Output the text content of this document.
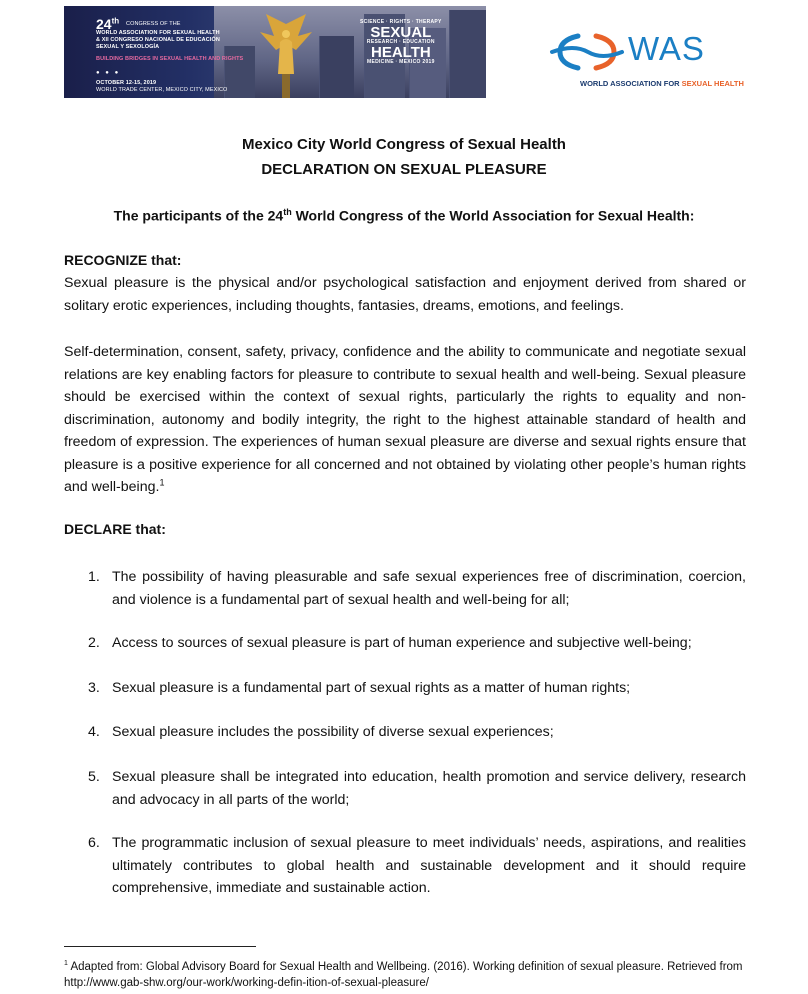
24th CONGRESS OF THE
WORLD ASSOCIATION FOR SEXUAL HEALTH
& XII CONGRESO NACIONAL DE EDUCACIÓN
SEXUAL Y SEXOLOGÍA
BUILDING BRIDGES IN SEXUAL HEALTH AND RIGHTS
● ● ●
OCTOBER 12-15, 2019
WORLD TRADE CENTER, MEXICO CITY, MEXICO
SCIENCE · RIGHTS · THERAPY
SEXUAL
RESEARCH · EDUCATION
HEALTH
MEDICINE · MEXICO 2019	WAS
WORLD ASSOCIATION FOR SEXUAL HEALTH
Mexico City World Congress of Sexual Health
DECLARATION ON SEXUAL PLEASURE
The participants of the 24th World Congress of the World Association for Sexual Health:
RECOGNIZE that:
Sexual pleasure is the physical and/or psychological satisfaction and enjoyment derived from shared or solitary erotic experiences, including thoughts, fantasies, dreams, emotions, and feelings.
Self-determination, consent, safety, privacy, confidence and the ability to communicate and negotiate sexual relations are key enabling factors for pleasure to contribute to sexual health and well-being. Sexual pleasure should be exercised within the context of sexual rights, particularly the rights to equality and non-discrimination, autonomy and bodily integrity, the right to the highest attainable standard of health and freedom of expression. The experiences of human sexual pleasure are diverse and sexual rights ensure that pleasure is a positive experience for all concerned and not obtained by violating other people’s human rights and well-being.$^1$
DECLARE that:
1. The possibility of having pleasurable and safe sexual experiences free of discrimination, coercion, and violence is a fundamental part of sexual health and well-being for all;
2. Access to sources of sexual pleasure is part of human experience and subjective well-being;
3. Sexual pleasure is a fundamental part of sexual rights as a matter of human rights;
4. Sexual pleasure includes the possibility of diverse sexual experiences;
5. Sexual pleasure shall be integrated into education, health promotion and service delivery, research and advocacy in all parts of the world;
6. The programmatic inclusion of sexual pleasure to meet individuals’ needs, aspirations, and realities ultimately contributes to global health and sustainable development and it should require comprehensive, immediate and sustainable action.
$^1$ Adapted from: Global Advisory Board for Sexual Health and Wellbeing. (2016). Working definition of sexual pleasure. Retrieved from http://www.gab-shw.org/our-work/working-defin-ition-of-sexual-pleasure/
